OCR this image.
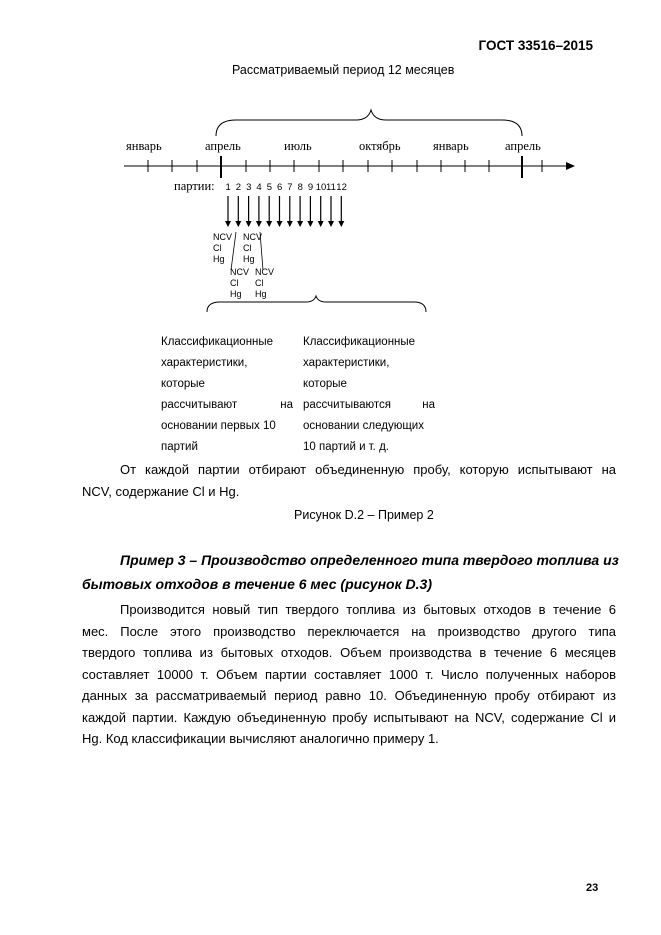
ГОСТ 33516–2015
Рассматриваемый период 12 месяцев
январь	апрель	июль	октябрь	январь	апрель
партии: 1 2 3 4 5 6 7 8 9 10 11 12
NCV
Cl
Hg
NCV
Cl
Hg
NCV
Cl
Hg
NCV
Cl
Hg
Классификационные
характеристики,
которые
рассчитывают на
основании первых 10
партий
Классификационные
характеристики,
которые
рассчитываются на
основании следующих
10 партий и т. д.
От каждой партии отбирают объединенную пробу, которую испытывают на
NCV, содержание Cl и Hg.
Рисунок D.2 – Пример 2
Пример 3 – Производство определенного типа твердого топлива из
бытовых отходов в течение 6 мес (рисунок D.3)
Производится новый тип твердого топлива из бытовых отходов в течение 6
мес. После этого производство переключается на производство другого типа
твердого топлива из бытовых отходов. Объем производства в течение 6 месяцев
составляет 10000 т. Объем партии составляет 1000 т. Число полученных наборов
данных за рассматриваемый период равно 10. Объединенную пробу отбирают из
каждой партии. Каждую объединенную пробу испытывают на NCV, содержание Cl и
Hg. Код классификации вычисляют аналогично примеру 1.
23
